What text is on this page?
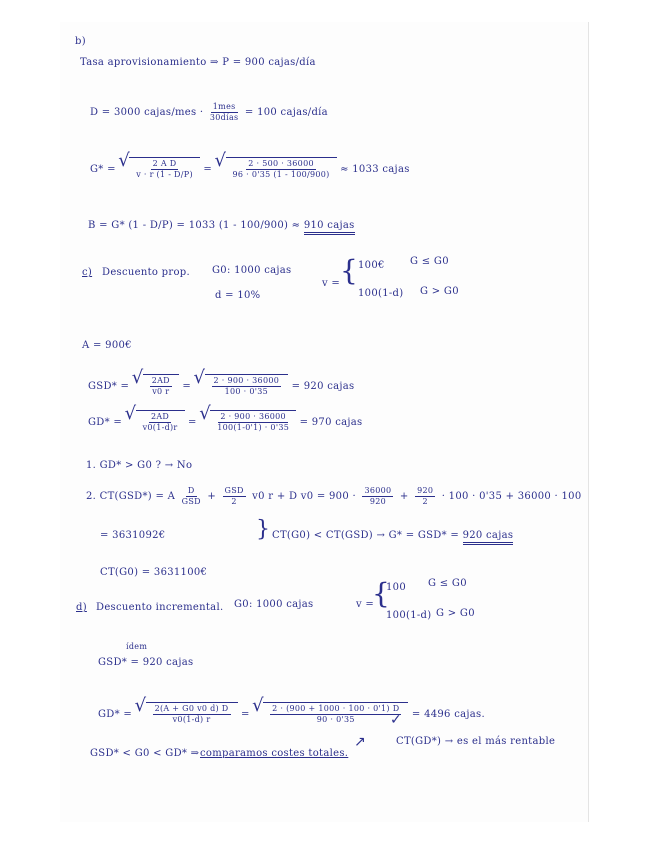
b)
Tasa aprovisionamiento ⇒ P = 900 cajas/día
D = 3000 cajas/mes · $\frac{\text{1mes}}{\text{30días}} = 100$ cajas/día
G* =	√ $\frac{\text{2 A D}}{v \cdot r (1 - D/P)}$ = √ $\frac{2 \cdot 500 \cdot 36000}{96 \cdot 0'35 (1 - 100/900)} \approx 1033$ cajas
B = G* (1 - D/P) = 1033 (1 - 100/900) ≈ 910 cajas
c) Descuento prop. G0: 1000 cajas
d = 10%
v = { 100€	G ≤ G0
100(1-d) G > G0
A = 900€
GSD* =	√ $\frac{2AD}{v0 r}$ = √ $\frac{2 \cdot 900 \cdot 36000}{100 \cdot 0'35} = 920$ cajas
GD* =	√ $\frac{2AD}{v0(1-d)r}$ = √ $\frac{2 \cdot 900 \cdot 36000}{100(1-0'1) \cdot 0'35} = 970$ cajas
1. GD* > G0 ? → No
2. CT(GSD*) = A $\frac{D}{\text{GSD}} + \frac{\text{GSD}}{2} v0$ r + D $v0 = 900 \cdot \frac{36000}{920} + \frac{920}{2} \cdot 100 \cdot 0'35 + 36000 \cdot 100$
= 3631092€	} CT(G0) < CT(GSD) → G* = GSD* = 920 cajas
CT(G0) = 3631100€
d) Descuento incremental. G0: 1000 cajas	v =
{
100 G ≤ G0
100(1-d) G > G0
ídem
GSD* = 920 cajas
GD* =	√ $\frac{2(A + G0 v0 d) D}{v0(1-d) r}$ = √ $\frac{2 \cdot (900 + 1000 \cdot 100 \cdot 0'1) D}{90 \cdot 0'35} = 4496$ cajas.
✓
GSD* < G0 < GD* ⇒ comparamos costes totales.
↗	CT(GD*) → es el más rentable
